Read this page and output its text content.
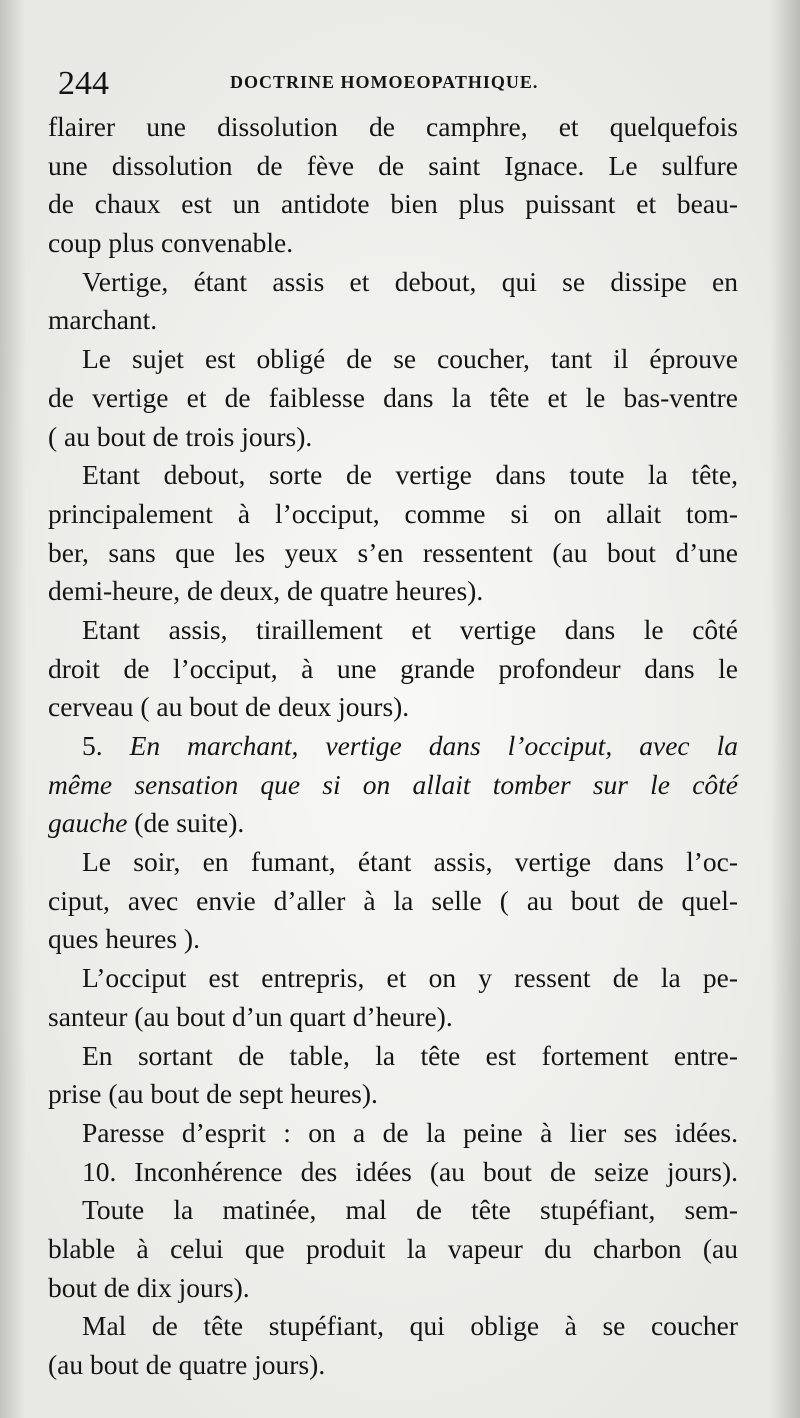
244	DOCTRINE HOMOEOPATHIQUE.
flairer une dissolution de camphre, et quelquefois
une dissolution de fève de saint Ignace. Le sulfure
de chaux est un antidote bien plus puissant et beau-
coup plus convenable.
Vertige, étant assis et debout, qui se dissipe en
marchant.
Le sujet est obligé de se coucher, tant il éprouve
de vertige et de faiblesse dans la tête et le bas-ventre
( au bout de trois jours).
Etant debout, sorte de vertige dans toute la tête,
principalement à l’occiput, comme si on allait tom-
ber, sans que les yeux s’en ressentent (au bout d’une
demi-heure, de deux, de quatre heures).
Etant assis, tiraillement et vertige dans le côté
droit de l’occiput, à une grande profondeur dans le
cerveau ( au bout de deux jours).
5. En marchant, vertige dans l’occiput, avec la
même sensation que si on allait tomber sur le côté
gauche (de suite).
Le soir, en fumant, étant assis, vertige dans l’oc-
ciput, avec envie d’aller à la selle ( au bout de quel-
ques heures ).
L’occiput est entrepris, et on y ressent de la pe-
santeur (au bout d’un quart d’heure).
En sortant de table, la tête est fortement entre-
prise (au bout de sept heures).
Paresse d’esprit : on a de la peine à lier ses idées.
10. Inconhérence des idées (au bout de seize jours).
Toute la matinée, mal de tête stupéfiant, sem-
blable à celui que produit la vapeur du charbon (au
bout de dix jours).
Mal de tête stupéfiant, qui oblige à se coucher
(au bout de quatre jours).
